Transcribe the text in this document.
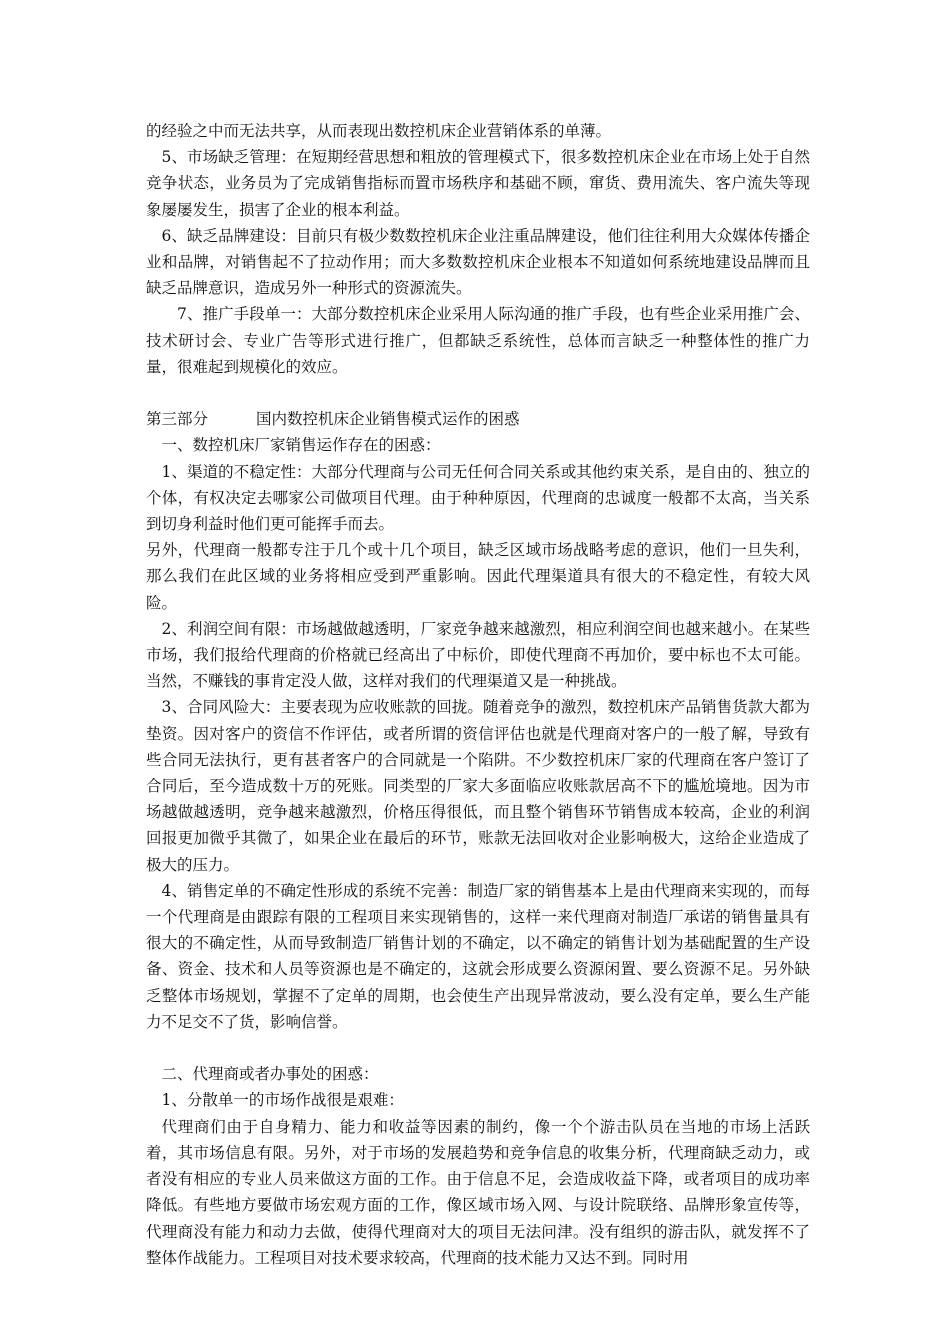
的经验之中而无法共享，从而表现出数控机床企业营销体系的单薄。

5、市场缺乏管理：在短期经营思想和粗放的管理模式下，很多数控机床企业在市场上处于自然竞争状态，业务员为了完成销售指标而置市场秩序和基础不顾，窜货、费用流失、客户流失等现象屡屡发生，损害了企业的根本利益。

6、缺乏品牌建设：目前只有极少数数控机床企业注重品牌建设，他们往往利用大众媒体传播企业和品牌，对销售起不了拉动作用；而大多数数控机床企业根本不知道如何系统地建设品牌而且缺乏品牌意识，造成另外一种形式的资源流失。

7、推广手段单一：大部分数控机床企业采用人际沟通的推广手段，也有些企业采用推广会、技术研讨会、专业广告等形式进行推广，但都缺乏系统性，总体而言缺乏一种整体性的推广力量，很难起到规模化的效应。

第三部分	国内数控机床企业销售模式运作的困惑

一、数控机床厂家销售运作存在的困惑：

1、渠道的不稳定性：大部分代理商与公司无任何合同关系或其他约束关系，是自由的、独立的个体，有权决定去哪家公司做项目代理。由于种种原因，代理商的忠诚度一般都不太高，当关系到切身利益时他们更可能挥手而去。

另外，代理商一般都专注于几个或十几个项目，缺乏区域市场战略考虑的意识，他们一旦失利，那么我们在此区域的业务将相应受到严重影响。因此代理渠道具有很大的不稳定性，有较大风险。

2、利润空间有限：市场越做越透明，厂家竞争越来越激烈，相应利润空间也越来越小。在某些市场，我们报给代理商的价格就已经高出了中标价，即使代理商不再加价，要中标也不太可能。当然，不赚钱的事肯定没人做，这样对我们的代理渠道又是一种挑战。

3、合同风险大：主要表现为应收账款的回拢。随着竞争的激烈，数控机床产品销售货款大都为垫资。因对客户的资信不作评估，或者所谓的资信评估也就是代理商对客户的一般了解，导致有些合同无法执行，更有甚者客户的合同就是一个陷阱。不少数控机床厂家的代理商在客户签订了合同后，至今造成数十万的死账。同类型的厂家大多面临应收账款居高不下的尴尬境地。因为市场越做越透明，竞争越来越激烈，价格压得很低，而且整个销售环节销售成本较高，企业的利润回报更加微乎其微了，如果企业在最后的环节，账款无法回收对企业影响极大，这给企业造成了极大的压力。

4、销售定单的不确定性形成的系统不完善：制造厂家的销售基本上是由代理商来实现的，而每一个代理商是由跟踪有限的工程项目来实现销售的，这样一来代理商对制造厂承诺的销售量具有很大的不确定性，从而导致制造厂销售计划的不确定，以不确定的销售计划为基础配置的生产设备、资金、技术和人员等资源也是不确定的，这就会形成要么资源闲置、要么资源不足。另外缺乏整体市场规划，掌握不了定单的周期，也会使生产出现异常波动，要么没有定单，要么生产能力不足交不了货，影响信誉。

二、代理商或者办事处的困惑：

1、分散单一的市场作战很是艰难：

代理商们由于自身精力、能力和收益等因素的制约，像一个个游击队员在当地的市场上活跃着，其市场信息有限。另外，对于市场的发展趋势和竞争信息的收集分析，代理商缺乏动力，或者没有相应的专业人员来做这方面的工作。由于信息不足，会造成收益下降，或者项目的成功率降低。有些地方要做市场宏观方面的工作，像区域市场入网、与设计院联络、品牌形象宣传等，代理商没有能力和动力去做，使得代理商对大的项目无法问津。没有组织的游击队，就发挥不了整体作战能力。工程项目对技术要求较高，代理商的技术能力又达不到。同时用
